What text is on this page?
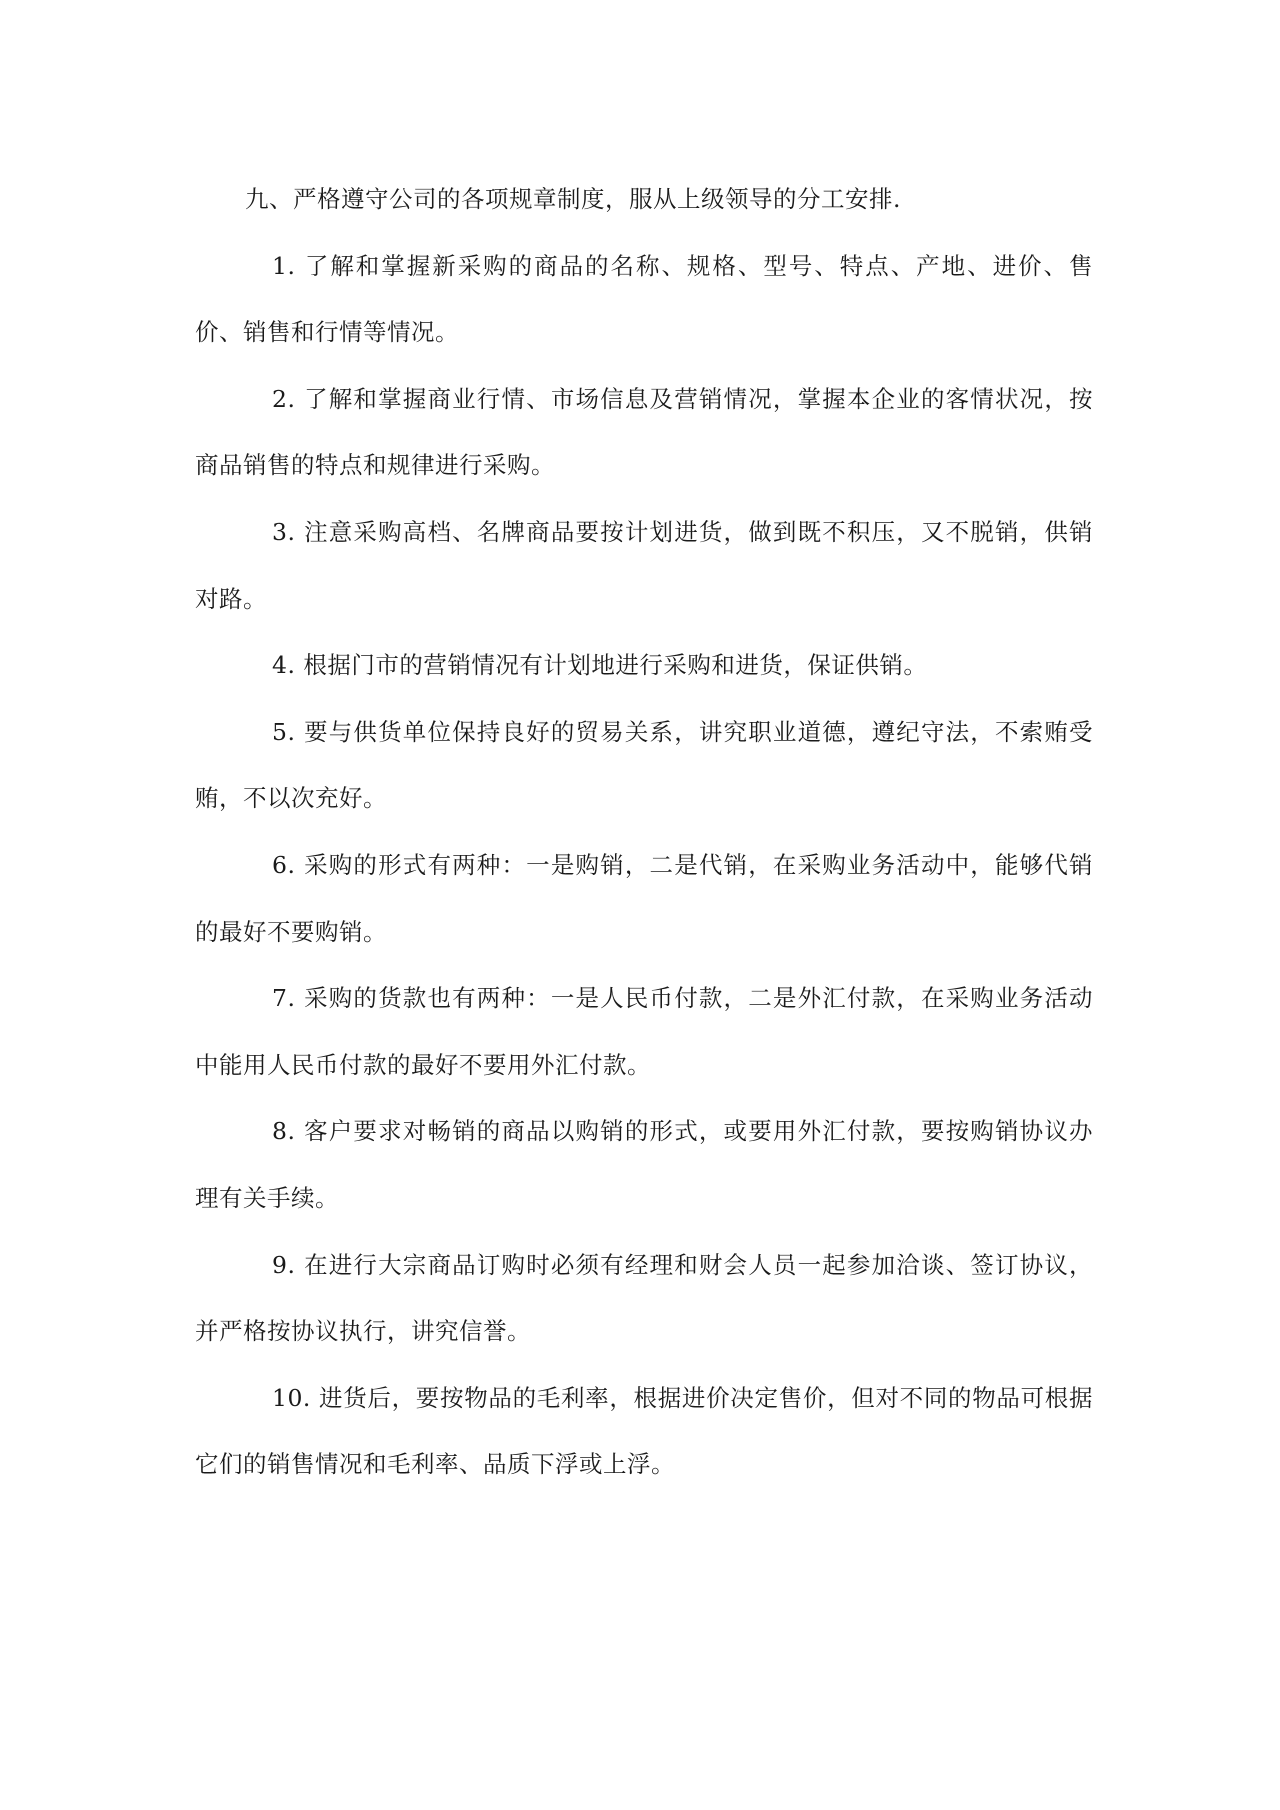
九、严格遵守公司的各项规章制度，服从上级领导的分工安排.

1. 了解和掌握新采购的商品的名称、规格、型号、特点、产地、进价、售价、销售和行情等情况。

2. 了解和掌握商业行情、市场信息及营销情况，掌握本企业的客情状况，按商品销售的特点和规律进行采购。

3. 注意采购高档、名牌商品要按计划进货，做到既不积压，又不脱销，供销对路。

4. 根据门市的营销情况有计划地进行采购和进货，保证供销。

5. 要与供货单位保持良好的贸易关系，讲究职业道德，遵纪守法，不索贿受贿，不以次充好。

6. 采购的形式有两种：一是购销，二是代销，在采购业务活动中，能够代销的最好不要购销。

7. 采购的货款也有两种：一是人民币付款，二是外汇付款，在采购业务活动中能用人民币付款的最好不要用外汇付款。

8. 客户要求对畅销的商品以购销的形式，或要用外汇付款，要按购销协议办理有关手续。

9. 在进行大宗商品订购时必须有经理和财会人员一起参加洽谈、签订协议，并严格按协议执行，讲究信誉。

10. 进货后，要按物品的毛利率，根据进价决定售价，但对不同的物品可根据它们的销售情况和毛利率、品质下浮或上浮。
